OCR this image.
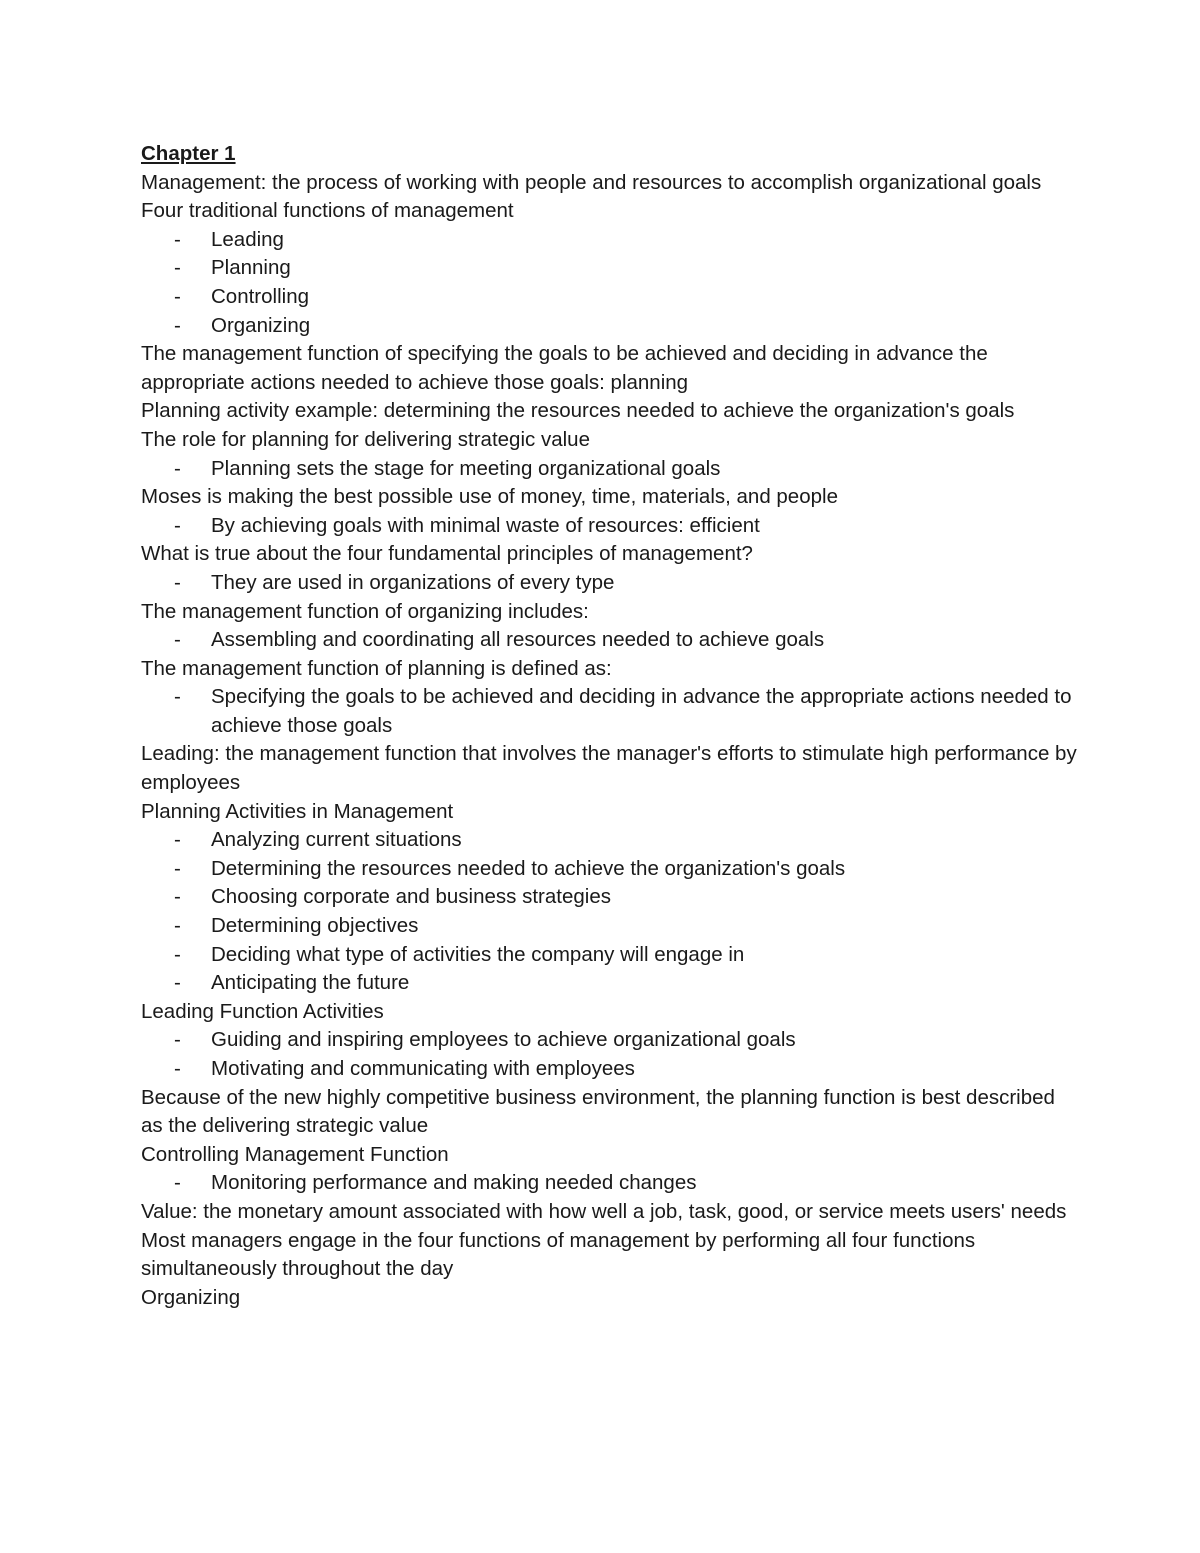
Chapter 1
Management: the process of working with people and resources to accomplish organizational goals
Four traditional functions of management
- Leading
- Planning
- Controlling
- Organizing
The management function of specifying the goals to be achieved and deciding in advance the appropriate actions needed to achieve those goals: planning
Planning activity example: determining the resources needed to achieve the organization's goals
The role for planning for delivering strategic value
- Planning sets the stage for meeting organizational goals
Moses is making the best possible use of money, time, materials, and people
- By achieving goals with minimal waste of resources: efficient
What is true about the four fundamental principles of management?
- They are used in organizations of every type
The management function of organizing includes:
- Assembling and coordinating all resources needed to achieve goals
The management function of planning is defined as:
- Specifying the goals to be achieved and deciding in advance the appropriate actions needed to achieve those goals
Leading: the management function that involves the manager's efforts to stimulate high performance by employees
Planning Activities in Management
- Analyzing current situations
- Determining the resources needed to achieve the organization's goals
- Choosing corporate and business strategies
- Determining objectives
- Deciding what type of activities the company will engage in
- Anticipating the future
Leading Function Activities
- Guiding and inspiring employees to achieve organizational goals
- Motivating and communicating with employees
Because of the new highly competitive business environment, the planning function is best described as the delivering strategic value
Controlling Management Function
- Monitoring performance and making needed changes
Value: the monetary amount associated with how well a job, task, good, or service meets users' needs
Most managers engage in the four functions of management by performing all four functions simultaneously throughout the day
Organizing
